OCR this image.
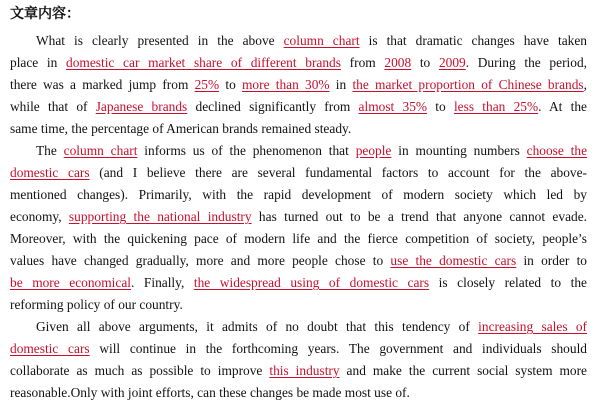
文章内容：
What is clearly presented in the above column chart is that dramatic changes have taken
place in domestic car market share of different brands from 2008 to 2009. During the period,
there was a marked jump from 25% to more than 30% in the market proportion of Chinese brands,
while that of Japanese brands declined significantly from almost 35% to less than 25%. At the
same time, the percentage of American brands remained steady.
The column chart informs us of the phenomenon that people in mounting numbers choose the
domestic cars (and I believe there are several fundamental factors to account for the above-
mentioned changes). Primarily, with the rapid development of modern society which led by
economy, supporting the national industry has turned out to be a trend that anyone cannot evade.
Moreover, with the quickening pace of modern life and the fierce competition of society, people’s
values have changed gradually, more and more people chose to use the domestic cars in order to
be more economical. Finally, the widespread using of domestic cars is closely related to the
reforming policy of our country.
Given all above arguments, it admits of no doubt that this tendency of increasing sales of
domestic cars will continue in the forthcoming years. The government and individuals should
collaborate as much as possible to improve this industry and make the current social system more
reasonable.Only with joint efforts, can these changes be made most use of.
